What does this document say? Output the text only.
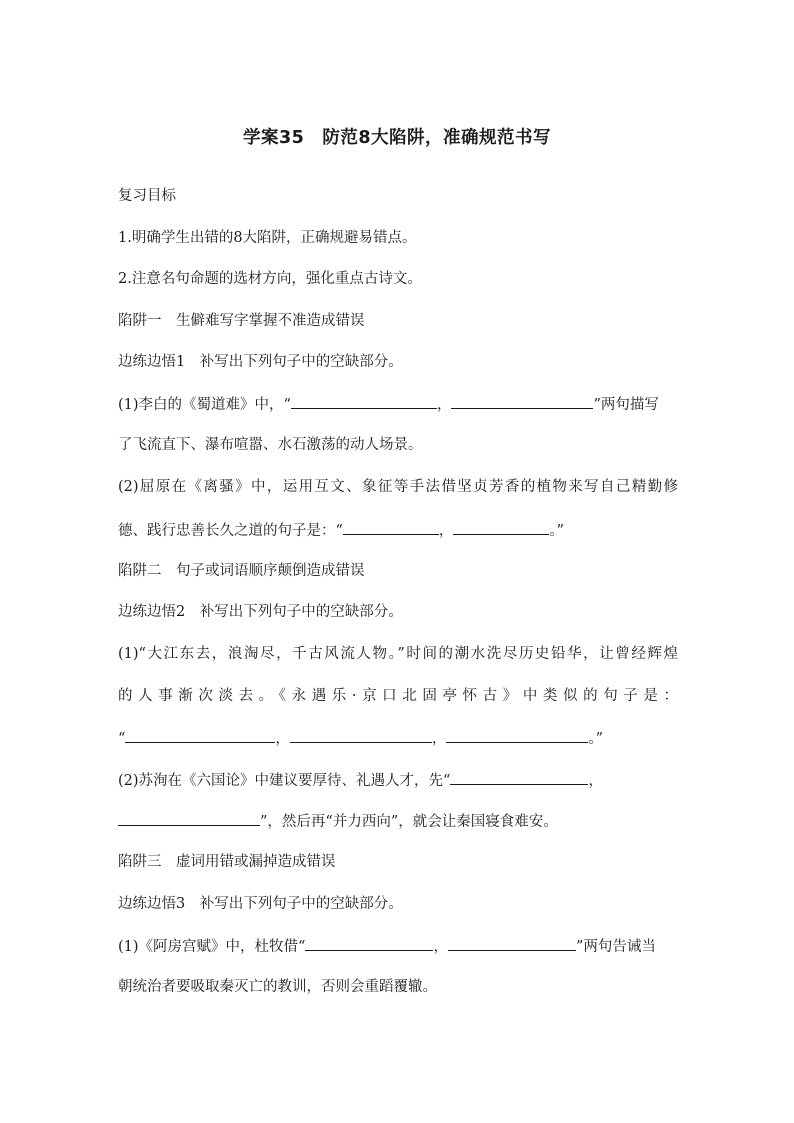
学案35　防范8大陷阱，准确规范书写
复习目标
1.明确学生出错的8大陷阱，正确规避易错点。
2.注意名句命题的选材方向，强化重点古诗文。
陷阱一　生僻难写字掌握不准造成错误
边练边悟1　补写出下列句子中的空缺部分。
(1)李白的《蜀道难》中，“	，	”两句描写
了飞流直下、瀑布喧嚣、水石激荡的动人场景。
(2)屈原在《离骚》中，运用互文、象征等手法借坚贞芳香的植物来写自己精勤修
德、践行忠善长久之道的句子是：“	，	。”
陷阱二　句子或词语顺序颠倒造成错误
边练边悟2　补写出下列句子中的空缺部分。
(1)“大江东去，浪淘尽，千古风流人物。”时间的潮水洗尽历史铅华，让曾经辉煌
的人事渐次淡去。《永遇乐·京口北固亭怀古》中类似的句子是：
“	，	，	。”
(2)苏洵在《六国论》中建议要厚待、礼遇人才，先“	，
”，然后再“并力西向”，就会让秦国寝食难安。
陷阱三　虚词用错或漏掉造成错误
边练边悟3　补写出下列句子中的空缺部分。
(1)《阿房宫赋》中，杜牧借“	，	”两句告诫当
朝统治者要吸取秦灭亡的教训，否则会重蹈覆辙。
